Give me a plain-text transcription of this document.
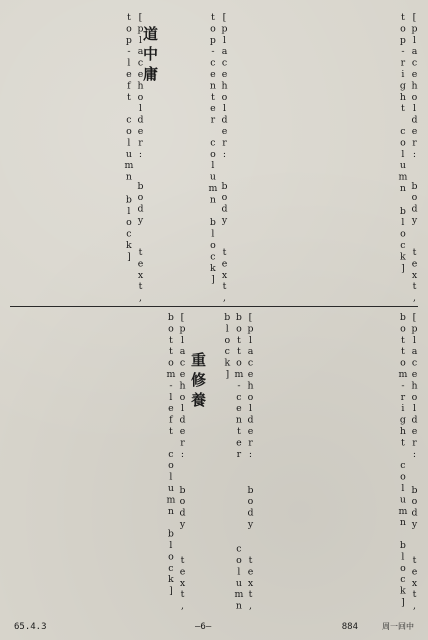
[placeholder: body text, top-right column block]
[placeholder: body text, top-center column block]
[placeholder: body text, top-left column block] 道中庸
[placeholder: body text, bottom-right column block]
[placeholder: body text, bottom-center column block]
[placeholder: body text, bottom-left column block] 重修養
65.4.3	—6—	884	周一回中
